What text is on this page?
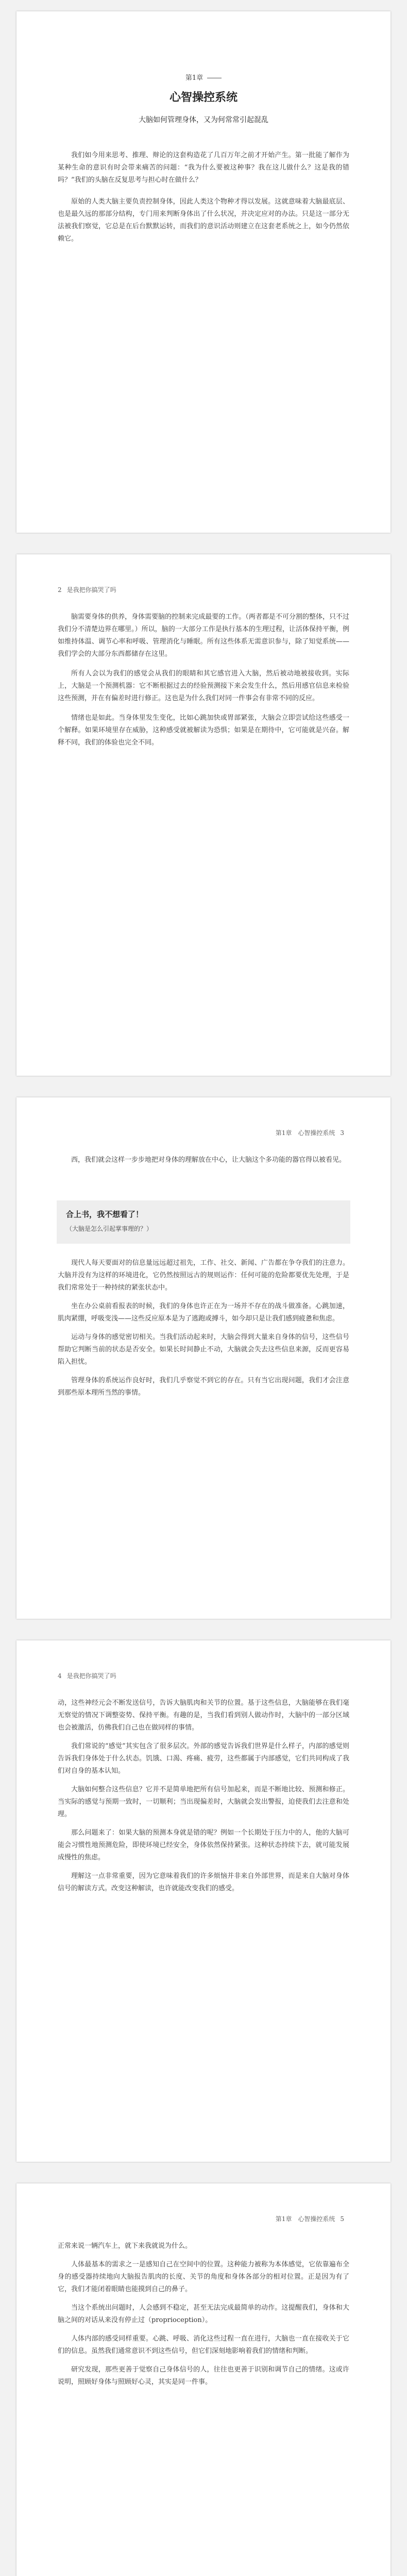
第1章
心智操控系统
大脑如何管理身体，又为何常常引起混乱

我们如今用来思考、推理、辩论的这套构造花了几百万年之前才开始产生。第一批能了解作为某种生命的意识有时会带来痛苦的问题：“我为什么要被这种事？我在这儿做什么？这是我的错吗？”我们的头脑在反复思考与担心时在做什么？

原始的人类大脑主要负责控制身体，因此人类这个物种才得以发展。这就意味着大脑最底层、也是最久远的那部分结构，专门用来判断身体出了什么状况，并决定应对的办法。只是这一部分无法被我们察觉，它总是在后台默默运转，而我们的意识活动则建立在这套老系统之上，如今仍然依赖它。

2 是我把你搞哭了吗

脑需要身体的供养，身体需要脑的控制来完成最要的工作。（两者都是不可分割的整体，只不过我们分不清楚边界在哪里。）所以，脑的一大部分工作是执行基本的生理过程，让活体保持平衡，例如维持体温、调节心率和呼吸、管理消化与睡眠。所有这些体系无需意识参与，除了知觉系统——我们学会的大部分东西都储存在这里。

所有人会以为我们的感觉会从我们的眼睛和其它感官进入大脑，然后被动地被接收到。实际上，大脑是一个预测机器：它不断根据过去的经验预测接下来会发生什么，然后用感官信息来检验这些预测，并在有偏差时进行修正。这也是为什么我们对同一件事会有非常不同的反应。

情绪也是如此。当身体里发生变化，比如心跳加快或胃部紧张，大脑会立即尝试给这些感受一个解释。如果环境里存在威胁，这种感受就被解读为恐惧；如果是在期待中，它可能就是兴奋。解释不同，我们的体验也完全不同。

第1章　心智操控系统 3

西，我们就会这样一步步地把对身体的理解放在中心，让大脑这个多功能的器官得以被看见。

合上书，我不想看了！
（大脑是怎么引起掌事理的？）

现代人每天要面对的信息量远远超过祖先，工作、社交、新闻、广告都在争夺我们的注意力。大脑并没有为这样的环境进化，它仍然按照远古的规则运作：任何可能的危险都要优先处理，于是我们常常处于一种持续的紧张状态中。

坐在办公桌前看报表的时候，我们的身体也许正在为一场并不存在的战斗做准备。心跳加速，肌肉紧绷，呼吸变浅——这些反应原本是为了逃跑或搏斗，如今却只是让我们感到疲惫和焦虑。

运动与身体的感觉密切相关。当我们活动起来时，大脑会得到大量来自身体的信号，这些信号帮助它判断当前的状态是否安全。如果长时间静止不动，大脑就会失去这些信息来源，反而更容易陷入担忧。

管理身体的系统运作良好时，我们几乎察觉不到它的存在。只有当它出现问题，我们才会注意到那些原本理所当然的事情。

4 是我把你搞哭了吗

动，这些神经元会不断发送信号，告诉大脑肌肉和关节的位置。基于这些信息，大脑能够在我们毫无察觉的情况下调整姿势、保持平衡。有趣的是，当我们看到别人做动作时，大脑中的一部分区域也会被激活，仿佛我们自己也在做同样的事情。

我们常说的“感觉”其实包含了很多层次。外部的感觉告诉我们世界是什么样子，内部的感觉则告诉我们身体处于什么状态。饥饿、口渴、疼痛、疲劳，这些都属于内部感觉，它们共同构成了我们对自身的基本认知。

大脑如何整合这些信息？它并不是简单地把所有信号加起来，而是不断地比较、预测和修正。当实际的感觉与预期一致时，一切顺利；当出现偏差时，大脑就会发出警报，迫使我们去注意和处理。

那么问题来了：如果大脑的预测本身就是错的呢？例如一个长期处于压力中的人，他的大脑可能会习惯性地预测危险，即使环境已经安全，身体依然保持紧张。这种状态持续下去，就可能发展成慢性的焦虑。

理解这一点非常重要，因为它意味着我们的许多烦恼并非来自外部世界，而是来自大脑对身体信号的解读方式。改变这种解读，也许就能改变我们的感受。

第1章　心智操控系统 5

正常来说一辆汽车上，就下来我就说为什么。

人体最基本的需求之一是感知自己在空间中的位置。这种能力被称为本体感觉，它依靠遍布全身的感受器持续地向大脑报告肌肉的长度、关节的角度和身体各部分的相对位置。正是因为有了它，我们才能闭着眼睛也能摸到自己的鼻子。

当这个系统出问题时，人会感到不稳定，甚至无法完成最简单的动作。这提醒我们，身体和大脑之间的对话从来没有停止过（proprioception）。

人体内部的感受同样重要。心跳、呼吸、消化这些过程一直在进行，大脑也一直在接收关于它们的信息。虽然我们通常意识不到这些信号，但它们深刻地影响着我们的情绪和判断。

研究发现，那些更善于觉察自己身体信号的人，往往也更善于识别和调节自己的情绪。这或许说明，照顾好身体与照顾好心灵，其实是同一件事。
